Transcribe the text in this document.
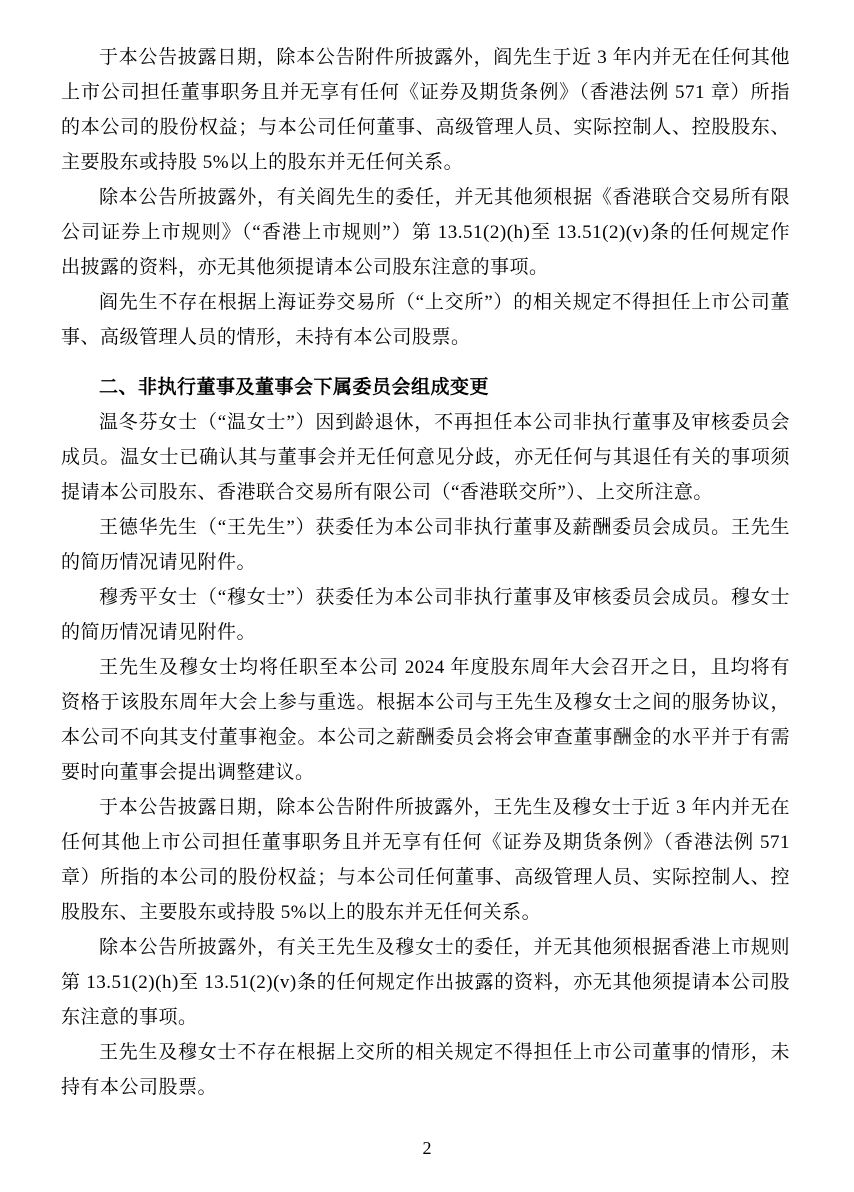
于本公告披露日期，除本公告附件所披露外，阎先生于近 3 年内并无在任何其他上市公司担任董事职务且并无享有任何《证券及期货条例》（香港法例 571 章）所指的本公司的股份权益；与本公司任何董事、高级管理人员、实际控制人、控股股东、主要股东或持股 5%以上的股东并无任何关系。

除本公告所披露外，有关阎先生的委任，并无其他须根据《香港联合交易所有限公司证券上市规则》（“香港上市规则”）第 13.51(2)(h)至 13.51(2)(v)条的任何规定作出披露的资料，亦无其他须提请本公司股东注意的事项。

阎先生不存在根据上海证券交易所（“上交所”）的相关规定不得担任上市公司董事、高级管理人员的情形，未持有本公司股票。

二、非执行董事及董事会下属委员会组成变更

温冬芬女士（“温女士”）因到龄退休，不再担任本公司非执行董事及审核委员会成员。温女士已确认其与董事会并无任何意见分歧，亦无任何与其退任有关的事项须提请本公司股东、香港联合交易所有限公司（“香港联交所”）、上交所注意。

王德华先生（“王先生”）获委任为本公司非执行董事及薪酬委员会成员。王先生的简历情况请见附件。

穆秀平女士（“穆女士”）获委任为本公司非执行董事及审核委员会成员。穆女士的简历情况请见附件。

王先生及穆女士均将任职至本公司 2024 年度股东周年大会召开之日，且均将有资格于该股东周年大会上参与重选。根据本公司与王先生及穆女士之间的服务协议，本公司不向其支付董事袍金。本公司之薪酬委员会将会审查董事酬金的水平并于有需要时向董事会提出调整建议。

于本公告披露日期，除本公告附件所披露外，王先生及穆女士于近 3 年内并无在任何其他上市公司担任董事职务且并无享有任何《证券及期货条例》（香港法例 571 章）所指的本公司的股份权益；与本公司任何董事、高级管理人员、实际控制人、控股股东、主要股东或持股 5%以上的股东并无任何关系。

除本公告所披露外，有关王先生及穆女士的委任，并无其他须根据香港上市规则第 13.51(2)(h)至 13.51(2)(v)条的任何规定作出披露的资料，亦无其他须提请本公司股东注意的事项。

王先生及穆女士不存在根据上交所的相关规定不得担任上市公司董事的情形，未持有本公司股票。

2
